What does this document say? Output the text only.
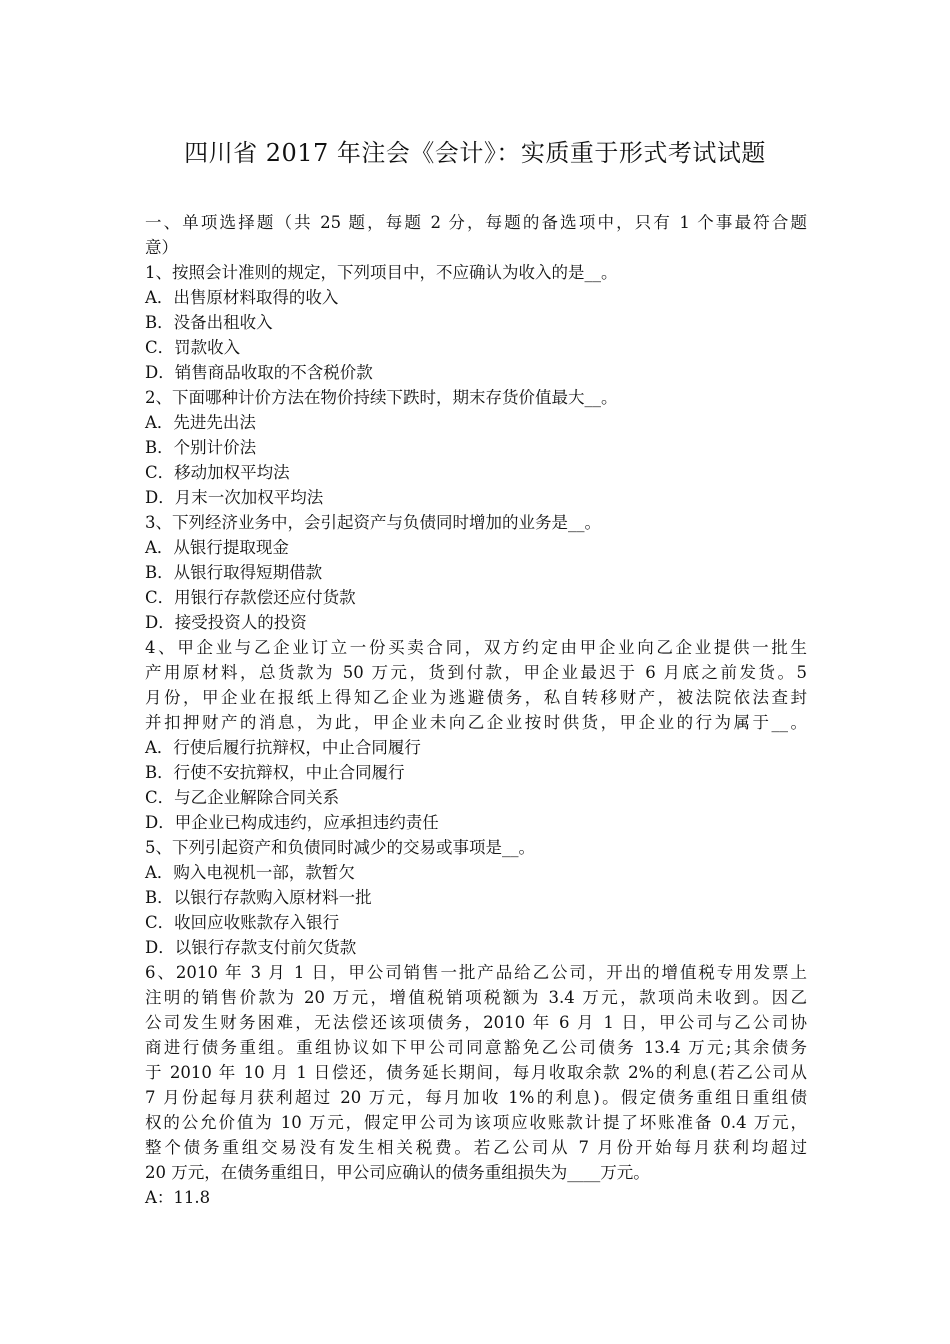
四川省 2017 年注会《会计》：实质重于形式考试试题
一、单项选择题（共 25 题，每题 2 分，每题的备选项中，只有 1 个事最符合题
意）
1、按照会计准则的规定，下列项目中，不应确认为收入的是__。
A．出售原材料取得的收入
B．没备出租收入
C．罚款收入
D．销售商品收取的不含税价款
2、下面哪种计价方法在物价持续下跌时，期末存货价值最大__。
A．先进先出法
B．个别计价法
C．移动加权平均法
D．月末一次加权平均法
3、下列经济业务中，会引起资产与负债同时增加的业务是__。
A．从银行提取现金
B．从银行取得短期借款
C．用银行存款偿还应付货款
D．接受投资人的投资
4、甲企业与乙企业订立一份买卖合同，双方约定由甲企业向乙企业提供一批生
产用原材料，总货款为 50 万元，货到付款，甲企业最迟于 6 月底之前发货。5
月份，甲企业在报纸上得知乙企业为逃避债务，私自转移财产，被法院依法查封
并扣押财产的消息，为此，甲企业未向乙企业按时供货，甲企业的行为属于__。
A．行使后履行抗辩权，中止合同履行
B．行使不安抗辩权，中止合同履行
C．与乙企业解除合同关系
D．甲企业已构成违约，应承担违约责任
5、下列引起资产和负债同时减少的交易或事项是__。
A．购入电视机一部，款暂欠
B．以银行存款购入原材料一批
C．收回应收账款存入银行
D．以银行存款支付前欠货款
6、2010 年 3 月 1 日，甲公司销售一批产品给乙公司，开出的增值税专用发票上
注明的销售价款为 20 万元，增值税销项税额为 3.4 万元，款项尚未收到。因乙
公司发生财务困难，无法偿还该项债务，2010 年 6 月 1 日，甲公司与乙公司协
商进行债务重组。重组协议如下甲公司同意豁免乙公司债务 13.4 万元;其余债务
于 2010 年 10 月 1 日偿还，债务延长期间，每月收取余款 2%的利息(若乙公司从
7 月份起每月获利超过 20 万元，每月加收 1%的利息)。假定债务重组日重组债
权的公允价值为 10 万元，假定甲公司为该项应收账款计提了坏账准备 0.4 万元，
整个债务重组交易没有发生相关税费。若乙公司从 7 月份开始每月获利均超过
20 万元，在债务重组日，甲公司应确认的债务重组损失为____万元。
A：11.8
